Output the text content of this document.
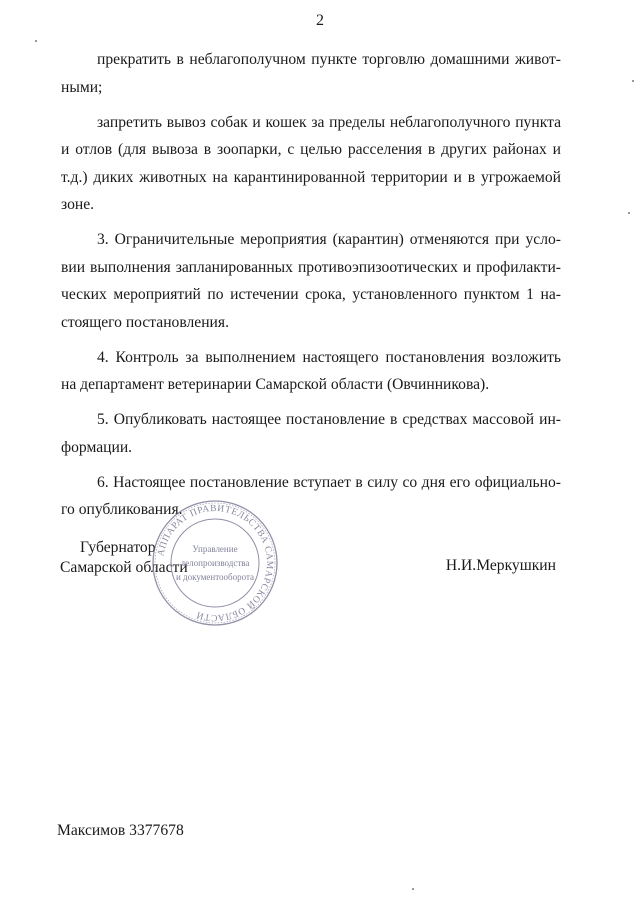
2

прекратить в неблагополучном пункте торговлю домашними живот-ными;

запретить вывоз собак и кошек за пределы неблагополучного пункта и отлов (для вывоза в зоопарки, с целью расселения в других районах и т.д.) диких животных на карантинированной территории и в угрожаемой зоне.

3. Ограничительные мероприятия (карантин) отменяются при усло-вии выполнения запланированных противоэпизоотических и профилакти-ческих мероприятий по истечении срока, установленного пунктом 1 на-стоящего постановления.

4. Контроль за выполнением настоящего постановления возложить на департамент ветеринарии Самарской области (Овчинникова).

5. Опубликовать настоящее постановление в средствах массовой ин-формации.

6. Настоящее постановление вступает в силу со дня его официально-го опубликования.

Губернатор
Самарской области	Н.И.Меркушкин
АППАРАТ ПРАВИТЕЛЬСТВА САМАРСКОЙ ОБЛАСТИ
Управление
делопроизводства
и документооборота
Максимов 3377678
